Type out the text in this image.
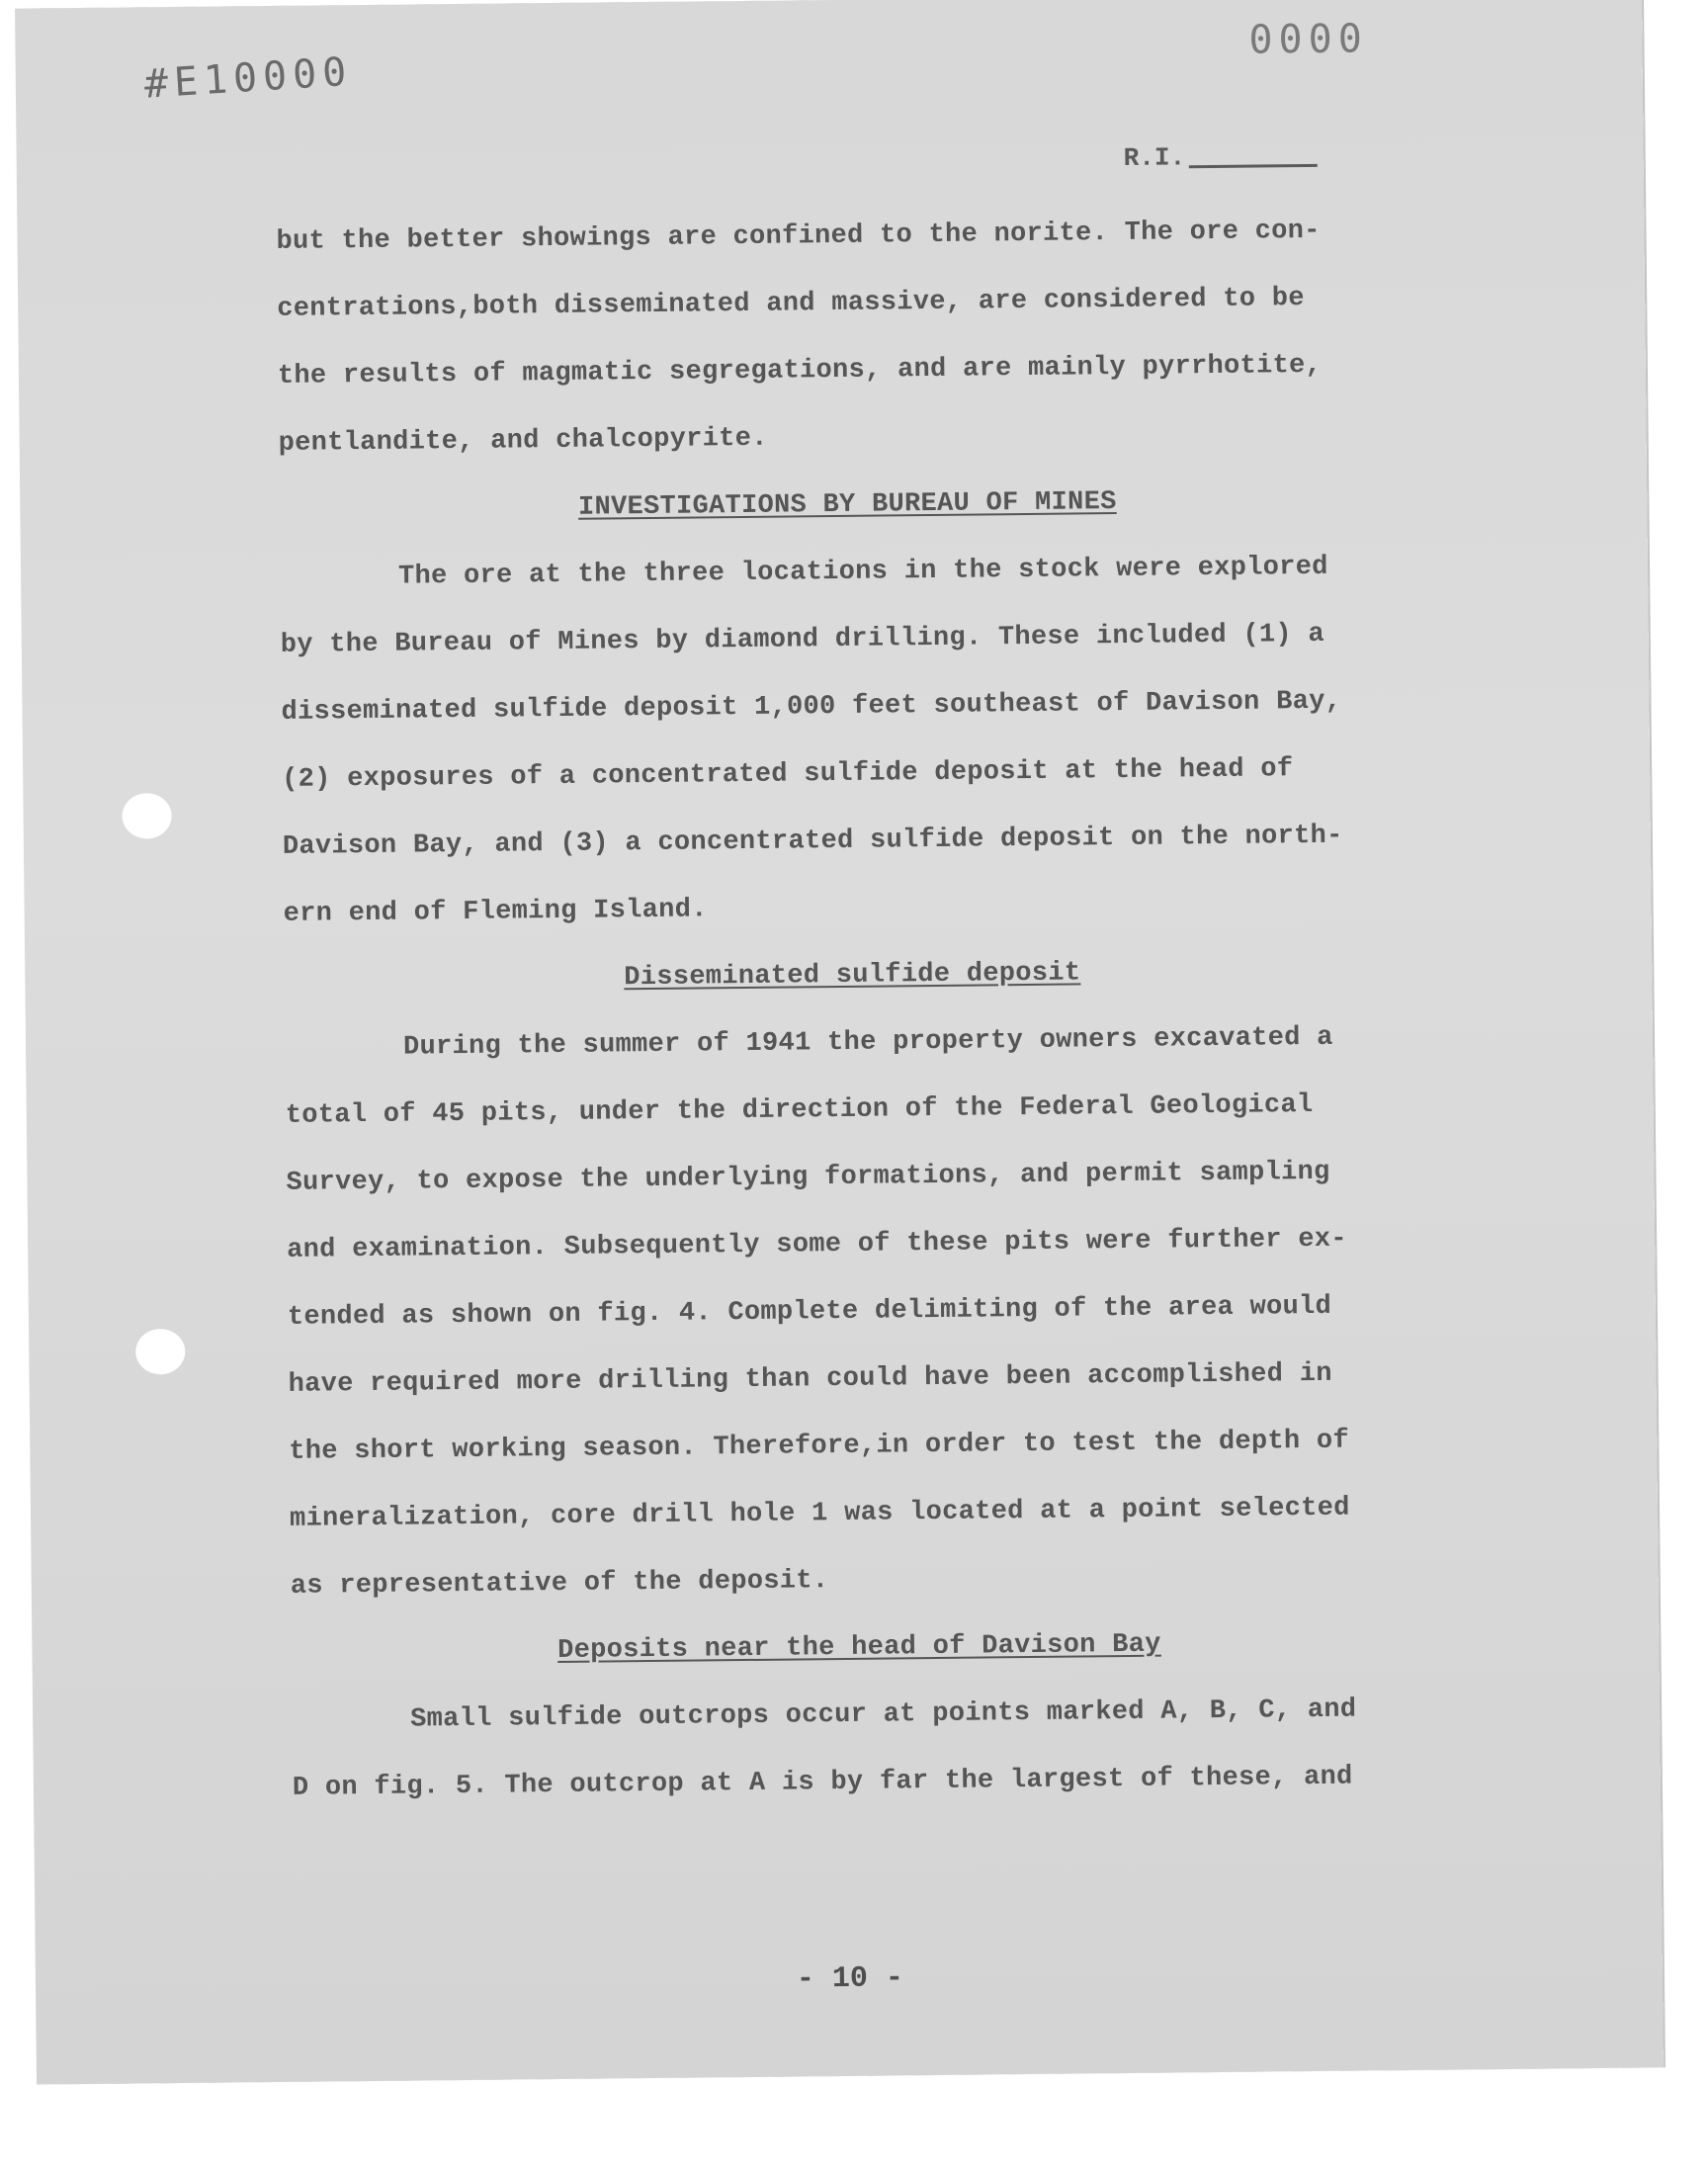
#E10000
0000
R.I.
but the better showings are confined to the norite. The ore con-
centrations,both disseminated and massive, are considered to be
the results of magmatic segregations, and are mainly pyrrhotite,
pentlandite, and chalcopyrite.
INVESTIGATIONS BY BUREAU OF MINES
The ore at the three locations in the stock were explored
by the Bureau of Mines by diamond drilling. These included (1) a
disseminated sulfide deposit 1,000 feet southeast of Davison Bay,
(2) exposures of a concentrated sulfide deposit at the head of
Davison Bay, and (3) a concentrated sulfide deposit on the north-
ern end of Fleming Island.
Disseminated sulfide deposit
During the summer of 1941 the property owners excavated a
total of 45 pits, under the direction of the Federal Geological
Survey, to expose the underlying formations, and permit sampling
and examination. Subsequently some of these pits were further ex-
tended as shown on fig. 4. Complete delimiting of the area would
have required more drilling than could have been accomplished in
the short working season. Therefore,in order to test the depth of
mineralization, core drill hole 1 was located at a point selected
as representative of the deposit.
Deposits near the head of Davison Bay
Small sulfide outcrops occur at points marked A, B, C, and
D on fig. 5. The outcrop at A is by far the largest of these, and
- 10 -
